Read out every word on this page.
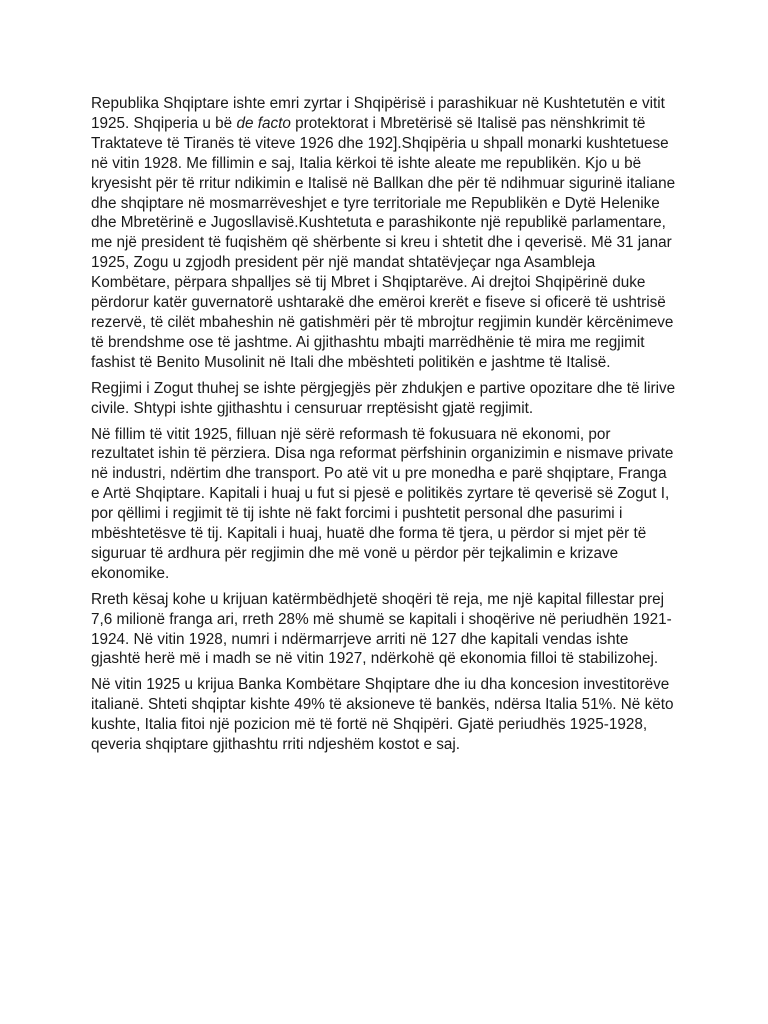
Republika Shqiptare ishte emri zyrtar i Shqipërisë i parashikuar në Kushtetutën e vitit 1925. Shqiperia u bë de facto protektorat i Mbretërisë së Italisë pas nënshkrimit të Traktateve të Tiranës të viteve 1926 dhe 192].Shqipëria u shpall monarki kushtetuese në vitin 1928. Me fillimin e saj, Italia kërkoi të ishte aleate me republikën. Kjo u bë kryesisht për të rritur ndikimin e Italisë në Ballkan dhe për të ndihmuar sigurinë italiane dhe shqiptare në mosmarrëveshjet e tyre territoriale me Republikën e Dytë Helenike dhe Mbretërinë e Jugosllavisë.Kushtetuta e parashikonte një republikë parlamentare, me një president të fuqishëm që shërbente si kreu i shtetit dhe i qeverisë. Më 31 janar 1925, Zogu u zgjodh president për një mandat shtatëvjeçar nga Asambleja Kombëtare, përpara shpalljes së tij Mbret i Shqiptarëve. Ai drejtoi Shqipërinë duke përdorur katër guvernatorë ushtarakë dhe emëroi krerët e fiseve si oficerë të ushtrisë rezervë, të cilët mbaheshin në gatishmëri për të mbrojtur regjimin kundër kërcënimeve të brendshme ose të jashtme. Ai gjithashtu mbajti marrëdhënie të mira me regjimit fashist të Benito Musolinit në Itali dhe mbështeti politikën e jashtme të Italisë.

Regjimi i Zogut thuhej se ishte përgjegjës për zhdukjen e partive opozitare dhe të lirive civile. Shtypi ishte gjithashtu i censuruar rreptësisht gjatë regjimit.

Në fillim të vitit 1925, filluan një sërë reformash të fokusuara në ekonomi, por rezultatet ishin të përziera. Disa nga reformat përfshinin organizimin e nismave private në industri, ndërtim dhe transport. Po atë vit u pre monedha e parë shqiptare, Franga e Artë Shqiptare. Kapitali i huaj u fut si pjesë e politikës zyrtare të qeverisë së Zogut I, por qëllimi i regjimit të tij ishte në fakt forcimi i pushtetit personal dhe pasurimi i mbështetësve të tij. Kapitali i huaj, huatë dhe forma të tjera, u përdor si mjet për të siguruar të ardhura për regjimin dhe më vonë u përdor për tejkalimin e krizave ekonomike.

Rreth kësaj kohe u krijuan katërmbëdhjetë shoqëri të reja, me një kapital fillestar prej 7,6 milionë franga ari, rreth 28% më shumë se kapitali i shoqërive në periudhën 1921-1924. Në vitin 1928, numri i ndërmarrjeve arriti në 127 dhe kapitali vendas ishte gjashtë herë më i madh se në vitin 1927, ndërkohë që ekonomia filloi të stabilizohej.

Në vitin 1925 u krijua Banka Kombëtare Shqiptare dhe iu dha koncesion investitorëve italianë. Shteti shqiptar kishte 49% të aksioneve të bankës, ndërsa Italia 51%. Në këto kushte, Italia fitoi një pozicion më të fortë në Shqipëri. Gjatë periudhës 1925-1928, qeveria shqiptare gjithashtu rriti ndjeshëm kostot e saj.
